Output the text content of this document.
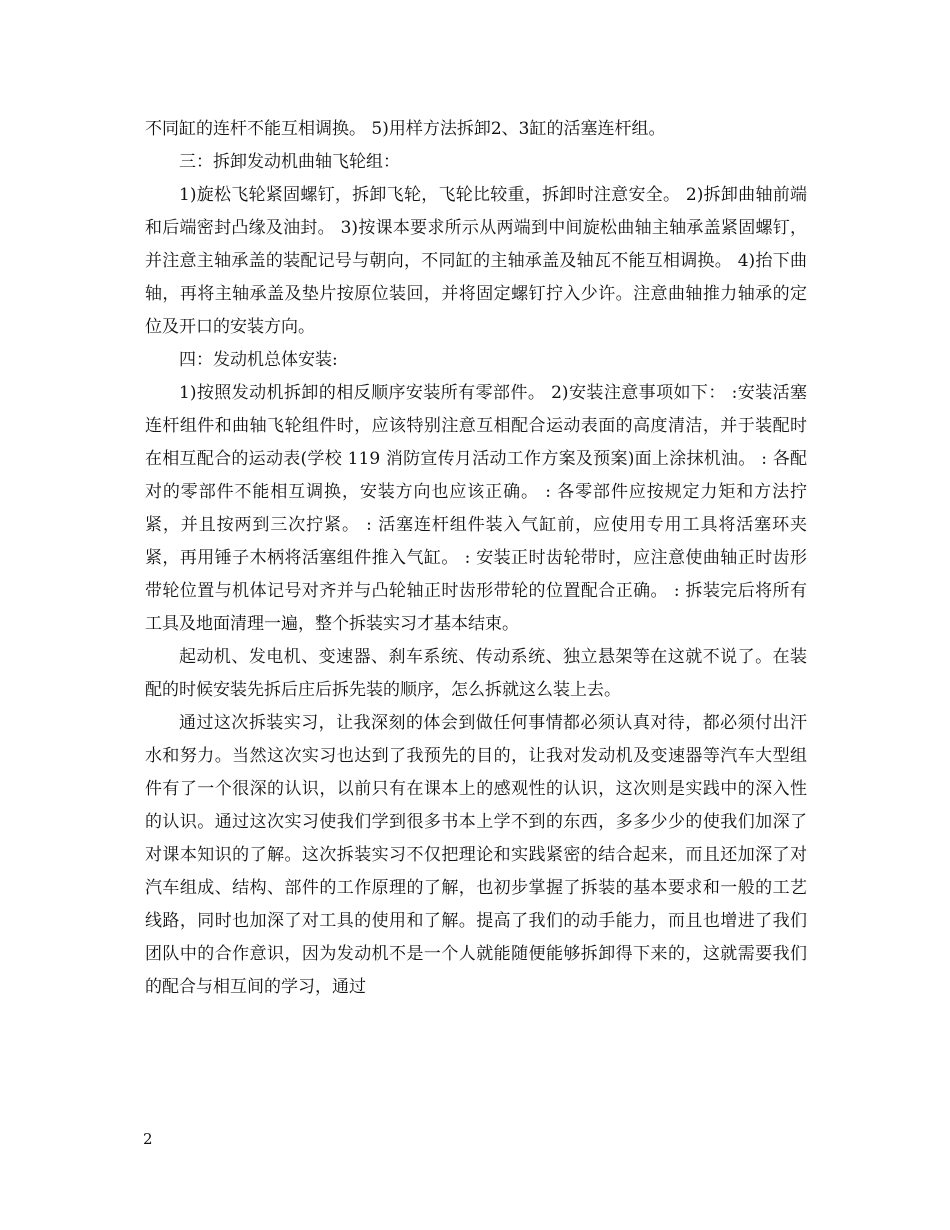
不同缸的连杆不能互相调换。 5)用样方法拆卸2、3缸的活塞连杆组。

三：拆卸发动机曲轴飞轮组：

1)旋松飞轮紧固螺钉，拆卸飞轮，飞轮比较重，拆卸时注意安全。 2)拆卸曲轴前端和后端密封凸缘及油封。 3)按课本要求所示从两端到中间旋松曲轴主轴承盖紧固螺钉，并注意主轴承盖的装配记号与朝向，不同缸的主轴承盖及轴瓦不能互相调换。 4)抬下曲轴，再将主轴承盖及垫片按原位装回，并将固定螺钉拧入少许。注意曲轴推力轴承的定位及开口的安装方向。

四：发动机总体安装:

1)按照发动机拆卸的相反顺序安装所有零部件。 2)安装注意事项如下： :安装活塞连杆组件和曲轴飞轮组件时，应该特别注意互相配合运动表面的高度清洁，并于装配时在相互配合的运动表(学校 119 消防宣传月活动工作方案及预案)面上涂抹机油。 : 各配对的零部件不能相互调换，安装方向也应该正确。 : 各零部件应按规定力矩和方法拧紧，并且按两到三次拧紧。 : 活塞连杆组件装入气缸前，应使用专用工具将活塞环夹紧，再用锤子木柄将活塞组件推入气缸。 : 安装正时齿轮带时，应注意使曲轴正时齿形带轮位置与机体记号对齐并与凸轮轴正时齿形带轮的位置配合正确。 : 拆装完后将所有工具及地面清理一遍，整个拆装实习才基本结束。

起动机、发电机、变速器、刹车系统、传动系统、独立悬架等在这就不说了。在装配的时候安装先拆后庄后拆先装的顺序，怎么拆就这么装上去。

通过这次拆装实习，让我深刻的体会到做任何事情都必须认真对待，都必须付出汗水和努力。当然这次实习也达到了我预先的目的，让我对发动机及变速器等汽车大型组件有了一个很深的认识，以前只有在课本上的感观性的认识，这次则是实践中的深入性的认识。通过这次实习使我们学到很多书本上学不到的东西，多多少少的使我们加深了对课本知识的了解。这次拆装实习不仅把理论和实践紧密的结合起来，而且还加深了对汽车组成、结构、部件的工作原理的了解，也初步掌握了拆装的基本要求和一般的工艺线路，同时也加深了对工具的使用和了解。提高了我们的动手能力，而且也增进了我们团队中的合作意识，因为发动机不是一个人就能随便能够拆卸得下来的，这就需要我们的配合与相互间的学习，通过

2
